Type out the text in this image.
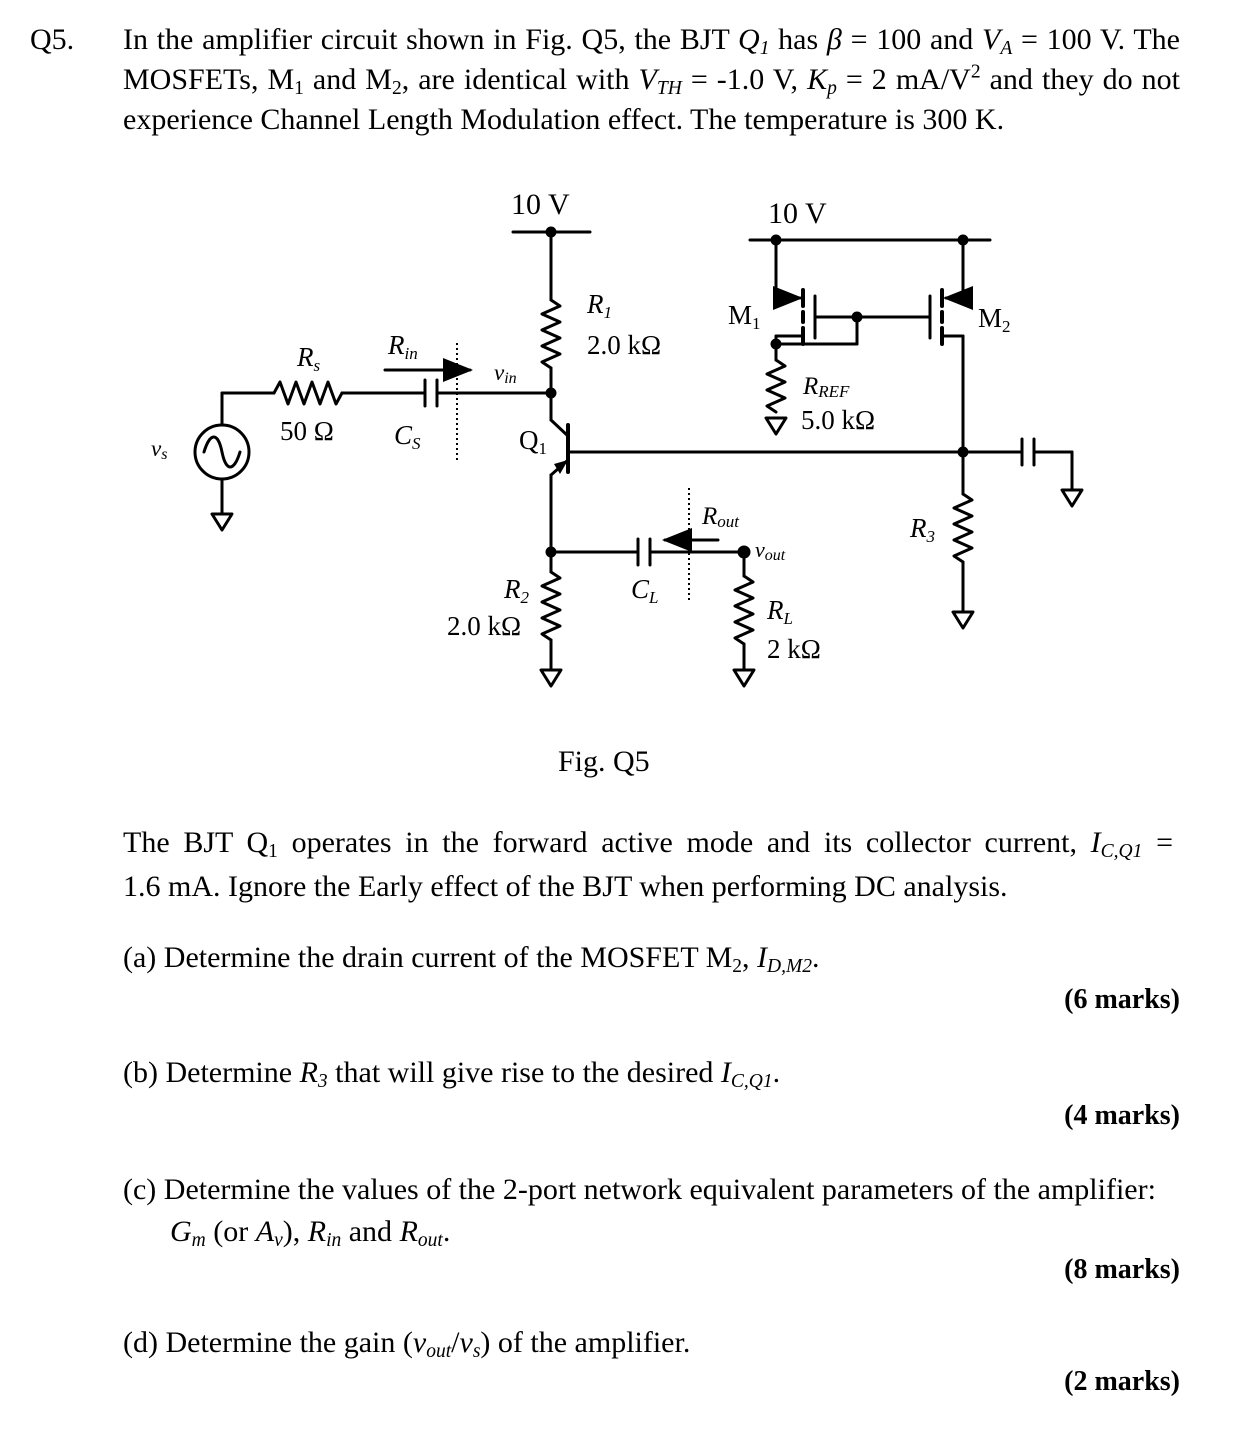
Q5. In the amplifier circuit shown in Fig. Q5, the BJT $Q_1$ has β = 100 and $V_A = 100$ V. The
MOSFETs, $M_1$ and $M_2$, are identical with $V_{TH} = -1.0$ V, $K_p = 2$ $mA/V^2$ and they do not
experience Channel Length Modulation effect. The temperature is 300 K.
10 V	10 V
R1
2.0 kΩ
Rs
50 Ω
Rin
CS
vin
vs	Q1
M1	M2
RREF
5.0 kΩ
R3
Rout
vout
CL
R2
2.0 kΩ
RL
2 kΩ
Fig. Q5
The BJT $Q_1$ operates in the forward active mode and its collector current, $I_{C,Q1}$ =
1.6 mA. Ignore the Early effect of the BJT when performing DC analysis.
(a) Determine the drain current of the MOSFET $M_2$, $I_{D,M2}$.
(6 marks)
(b) Determine $R_3$ that will give rise to the desired $I_{C,Q1}$.
(4 marks)
(c) Determine the values of the 2-port network equivalent parameters of the amplifier:
$G_m$ (or $A_v$), $R_{in}$ and $R_{out}$.
(8 marks)
(d) Determine the gain $(v_{out}/v_s)$ of the amplifier.
(2 marks)
